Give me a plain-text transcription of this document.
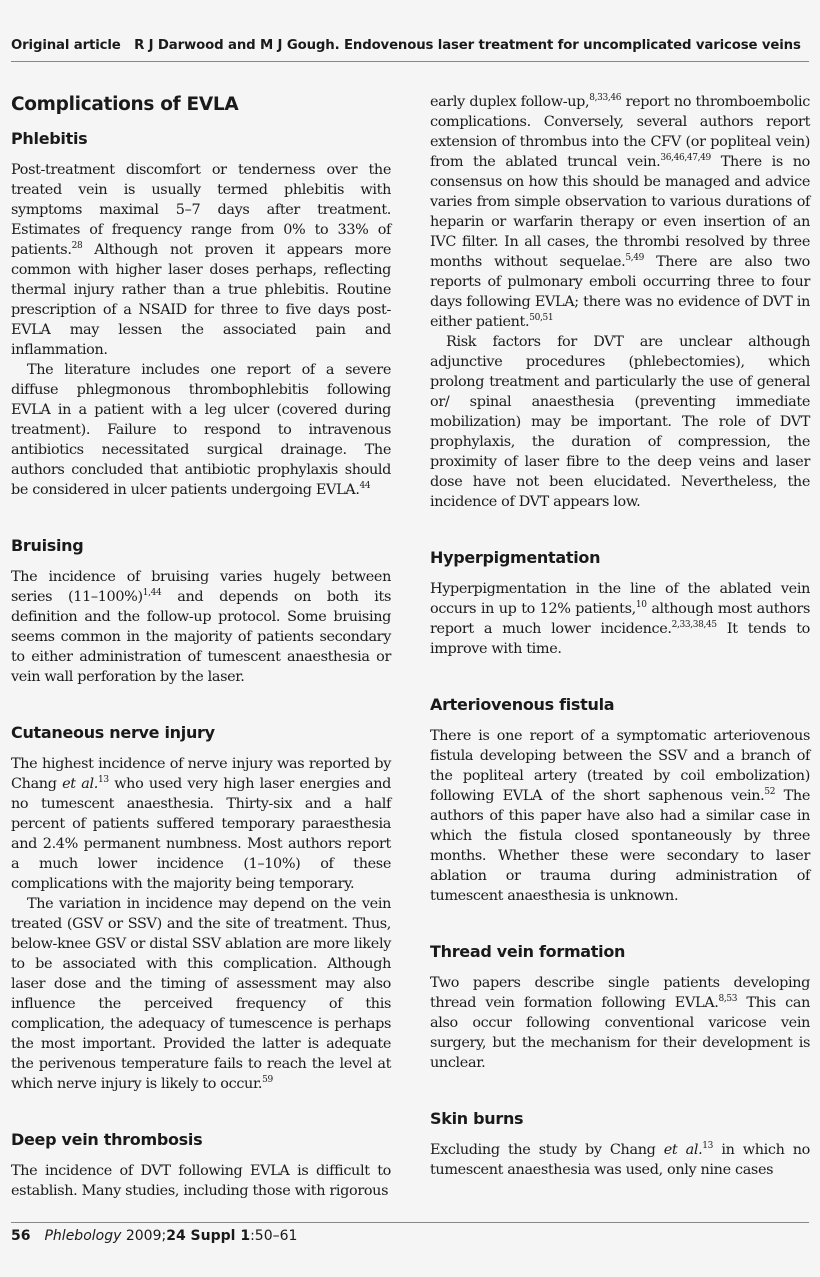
Original article R J Darwood and M J Gough. Endovenous laser treatment for uncomplicated varicose veins
Complications of EVLA
Phlebitis

Post-treatment discomfort or tenderness over the treated vein is usually termed phlebitis with symptoms maximal 5–7 days after treatment. Estimates of frequency range from 0% to 33% of patients.$^{28}$ Although not proven it appears more common with higher laser doses perhaps, reflecting thermal injury rather than a true phlebitis. Routine prescription of a NSAID for three to five days post-EVLA may lessen the associated pain and inflammation.

The literature includes one report of a severe diffuse phlegmonous thrombophlebitis following EVLA in a patient with a leg ulcer (covered during treatment). Failure to respond to intravenous antibiotics necessitated surgical drainage. The authors concluded that antibiotic prophylaxis should be considered in ulcer patients undergoing EVLA.$^{44}$

Bruising

The incidence of bruising varies hugely between series $(11-100\%)^{1,44}$ and depends on both its definition and the follow-up protocol. Some bruising seems common in the majority of patients secondary to either administration of tumescent anaesthesia or vein wall perforation by the laser.

Cutaneous nerve injury

The highest incidence of nerve injury was reported by Chang et al.$^{13}$ who used very high laser energies and no tumescent anaesthesia. Thirty-six and a half percent of patients suffered temporary paraesthesia and 2.4% permanent numbness. Most authors report a much lower incidence (1–10%) of these complications with the majority being temporary.

The variation in incidence may depend on the vein treated (GSV or SSV) and the site of treatment. Thus, below-knee GSV or distal SSV ablation are more likely to be associated with this complication. Although laser dose and the timing of assessment may also influence the perceived frequency of this complication, the adequacy of tumescence is perhaps the most important. Provided the latter is adequate the perivenous temperature fails to reach the level at which nerve injury is likely to occur.$^{59}$

Deep vein thrombosis

The incidence of DVT following EVLA is difficult to establish. Many studies, including those with rigorous

early duplex follow-up,$^{8,33,46}$ report no thromboembolic complications. Conversely, several authors report extension of thrombus into the CFV (or popliteal vein) from the ablated truncal vein.$^{36,46,47,49}$ There is no consensus on how this should be managed and advice varies from simple observation to various durations of heparin or warfarin therapy or even insertion of an IVC filter. In all cases, the thrombi resolved by three months without sequelae.$^{5,49}$ There are also two reports of pulmonary emboli occurring three to four days following EVLA; there was no evidence of DVT in either patient.$^{50,51}$

Risk factors for DVT are unclear although adjunctive procedures (phlebectomies), which prolong treatment and particularly the use of general or/ spinal anaesthesia (preventing immediate mobilization) may be important. The role of DVT prophylaxis, the duration of compression, the proximity of laser fibre to the deep veins and laser dose have not been elucidated. Nevertheless, the incidence of DVT appears low.

Hyperpigmentation

Hyperpigmentation in the line of the ablated vein occurs in up to 12% patients,$^{10}$ although most authors report a much lower incidence.$^{2,33,38,45}$ It tends to improve with time.

Arteriovenous fistula

There is one report of a symptomatic arteriovenous fistula developing between the SSV and a branch of the popliteal artery (treated by coil embolization) following EVLA of the short saphenous vein.$^{52}$ The authors of this paper have also had a similar case in which the fistula closed spontaneously by three months. Whether these were secondary to laser ablation or trauma during administration of tumescent anaesthesia is unknown.

Thread vein formation

Two papers describe single patients developing thread vein formation following EVLA.$^{8,53}$ This can also occur following conventional varicose vein surgery, but the mechanism for their development is unclear.

Skin burns

Excluding the study by Chang et al.$^{13}$ in which no tumescent anaesthesia was used, only nine cases

56 Phlebology 2009;24 Suppl 1:50–61
